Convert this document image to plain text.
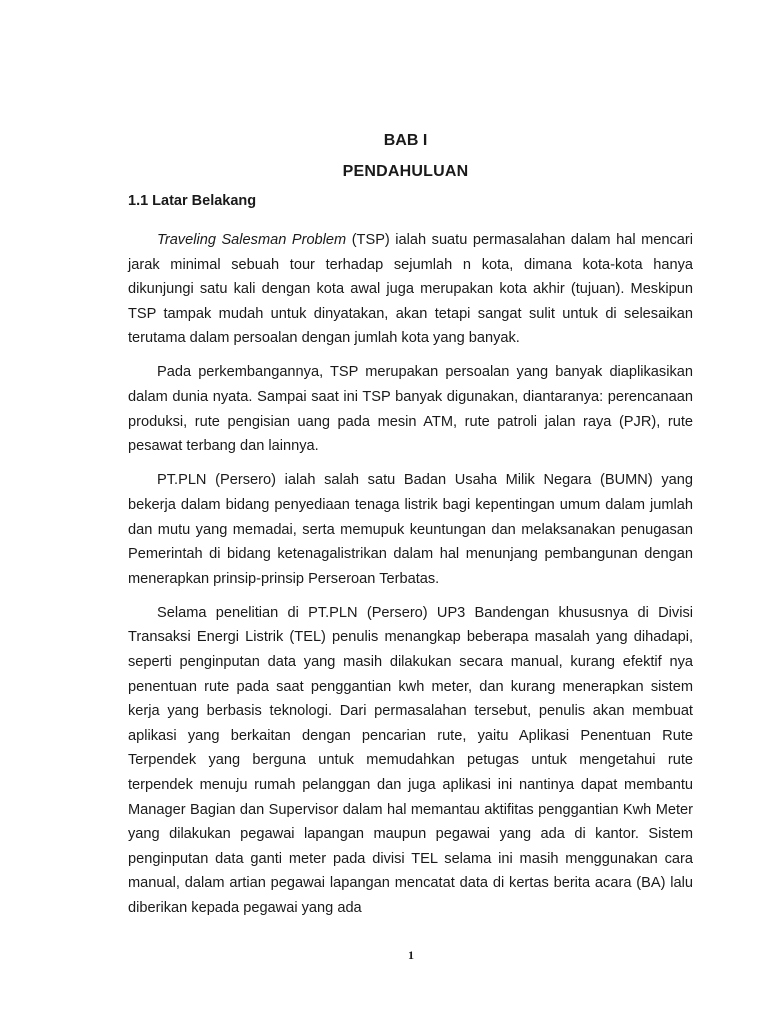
BAB I
PENDAHULUAN
1.1 Latar Belakang

Traveling Salesman Problem (TSP) ialah suatu permasalahan dalam hal mencari jarak minimal sebuah tour terhadap sejumlah n kota, dimana kota-kota hanya dikunjungi satu kali dengan kota awal juga merupakan kota akhir (tujuan). Meskipun TSP tampak mudah untuk dinyatakan, akan tetapi sangat sulit untuk di selesaikan terutama dalam persoalan dengan jumlah kota yang banyak.

Pada perkembangannya, TSP merupakan persoalan yang banyak diaplikasikan dalam dunia nyata. Sampai saat ini TSP banyak digunakan, diantaranya: perencanaan produksi, rute pengisian uang pada mesin ATM, rute patroli jalan raya (PJR), rute pesawat terbang dan lainnya.

PT.PLN (Persero) ialah salah satu Badan Usaha Milik Negara (BUMN) yang bekerja dalam bidang penyediaan tenaga listrik bagi kepentingan umum dalam jumlah dan mutu yang memadai, serta memupuk keuntungan dan melaksanakan penugasan Pemerintah di bidang ketenagalistrikan dalam hal menunjang pembangunan dengan menerapkan prinsip-prinsip Perseroan Terbatas.

Selama penelitian di PT.PLN (Persero) UP3 Bandengan khususnya di Divisi Transaksi Energi Listrik (TEL) penulis menangkap beberapa masalah yang dihadapi, seperti penginputan data yang masih dilakukan secara manual, kurang efektif nya penentuan rute pada saat penggantian kwh meter, dan kurang menerapkan sistem kerja yang berbasis teknologi. Dari permasalahan tersebut, penulis akan membuat aplikasi yang berkaitan dengan pencarian rute, yaitu Aplikasi Penentuan Rute Terpendek yang berguna untuk memudahkan petugas untuk mengetahui rute terpendek menuju rumah pelanggan dan juga aplikasi ini nantinya dapat membantu Manager Bagian dan Supervisor dalam hal memantau aktifitas penggantian Kwh Meter yang dilakukan pegawai lapangan maupun pegawai yang ada di kantor. Sistem penginputan data ganti meter pada divisi TEL selama ini masih menggunakan cara manual, dalam artian pegawai lapangan mencatat data di kertas berita acara (BA) lalu diberikan kepada pegawai yang ada

1
